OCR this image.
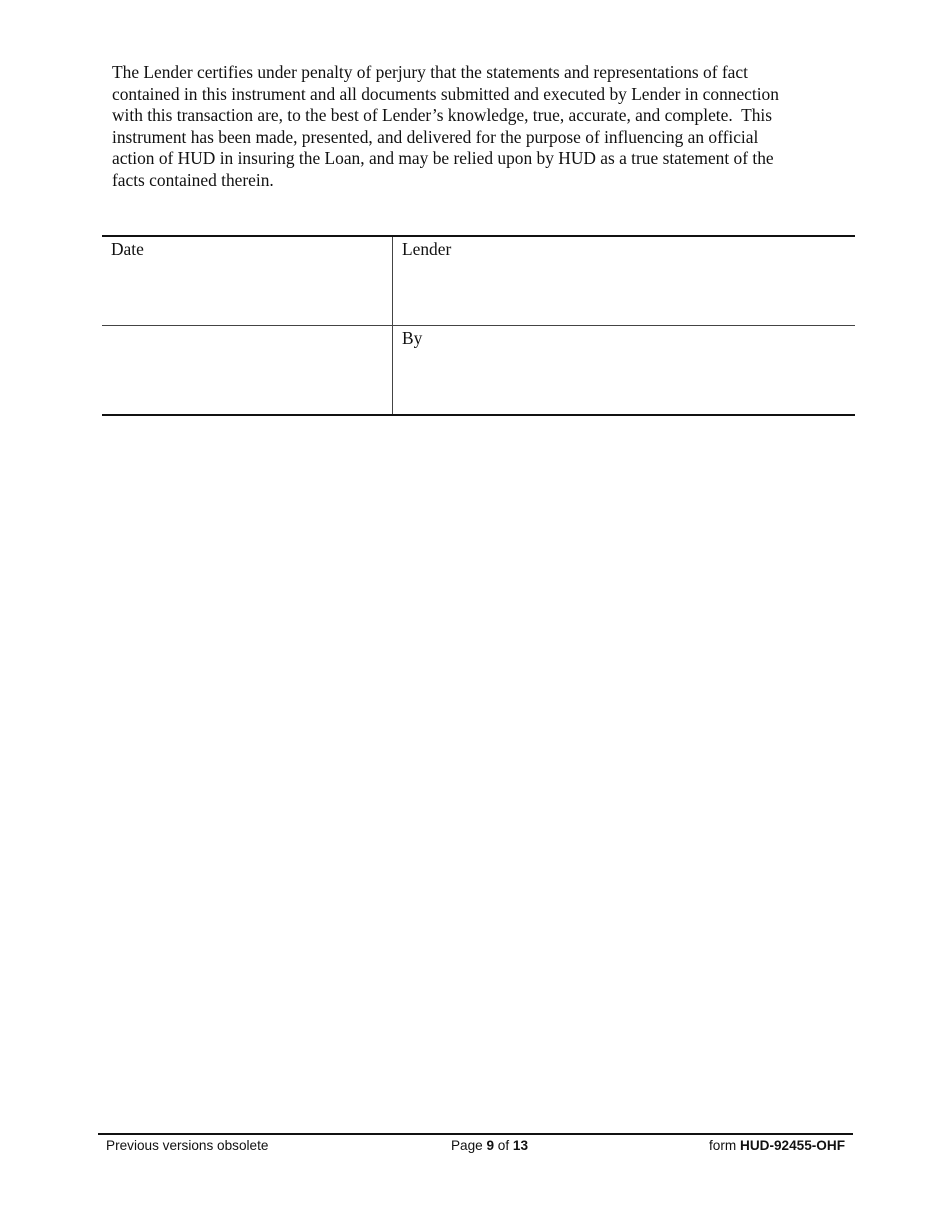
The Lender certifies under penalty of perjury that the statements and representations of fact
contained in this instrument and all documents submitted and executed by Lender in connection
with this transaction are, to the best of Lender’s knowledge, true, accurate, and complete.  This
instrument has been made, presented, and delivered for the purpose of influencing an official
action of HUD in insuring the Loan, and may be relied upon by HUD as a true statement of the
facts contained therein.

Date	Lender

	By
Previous versions obsolete	Page 9 of 13	form HUD-92455-OHF
